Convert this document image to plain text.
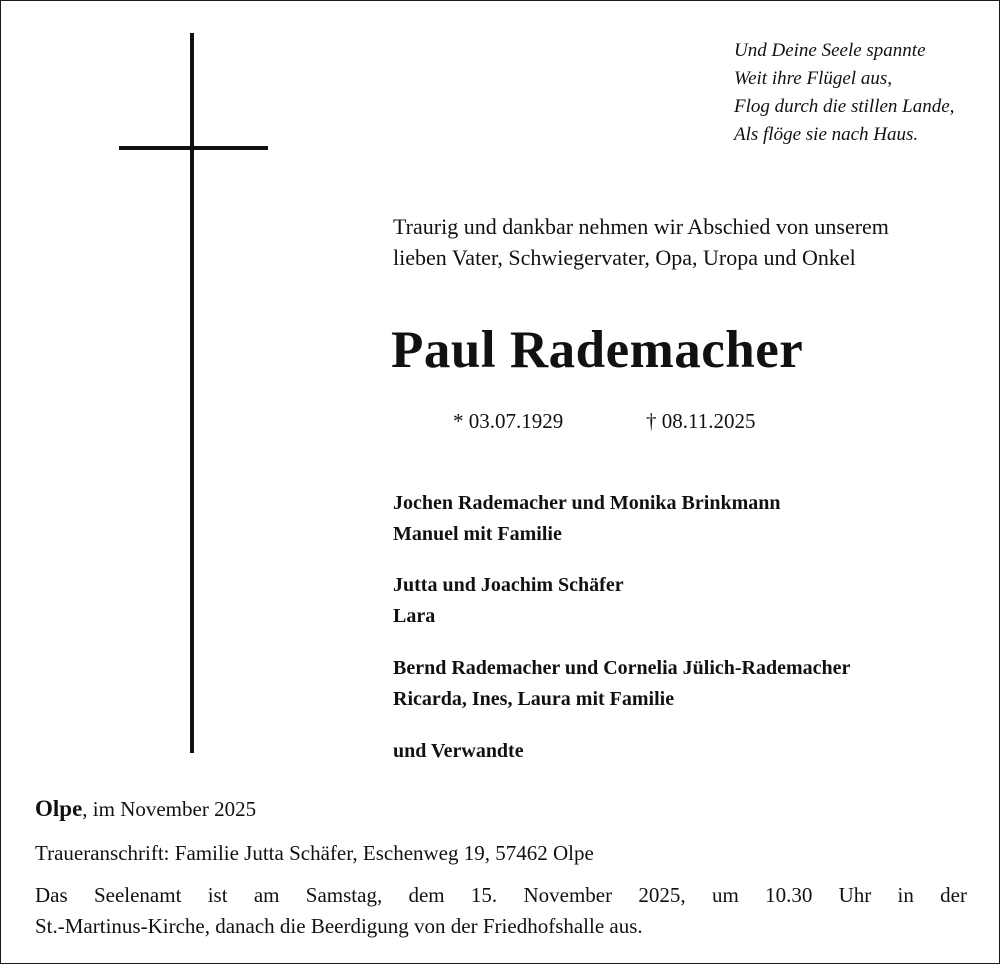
Und Deine Seele spannte
Weit ihre Flügel aus,
Flog durch die stillen Lande,
Als flöge sie nach Haus.
Traurig und dankbar nehmen wir Abschied von unserem
lieben Vater, Schwiegervater, Opa, Uropa und Onkel
Paul Rademacher
* 03.07.1929	† 08.11.2025
Jochen Rademacher und Monika Brinkmann
Manuel mit Familie
Jutta und Joachim Schäfer
Lara
Bernd Rademacher und Cornelia Jülich-Rademacher
Ricarda, Ines, Laura mit Familie
und Verwandte
Olpe, im November 2025
Traueranschrift: Familie Jutta Schäfer, Eschenweg 19, 57462 Olpe
Das Seelenamt ist am Samstag, dem 15. November 2025, um 10.30 Uhr in der
St.-Martinus-Kirche, danach die Beerdigung von der Friedhofshalle aus.
